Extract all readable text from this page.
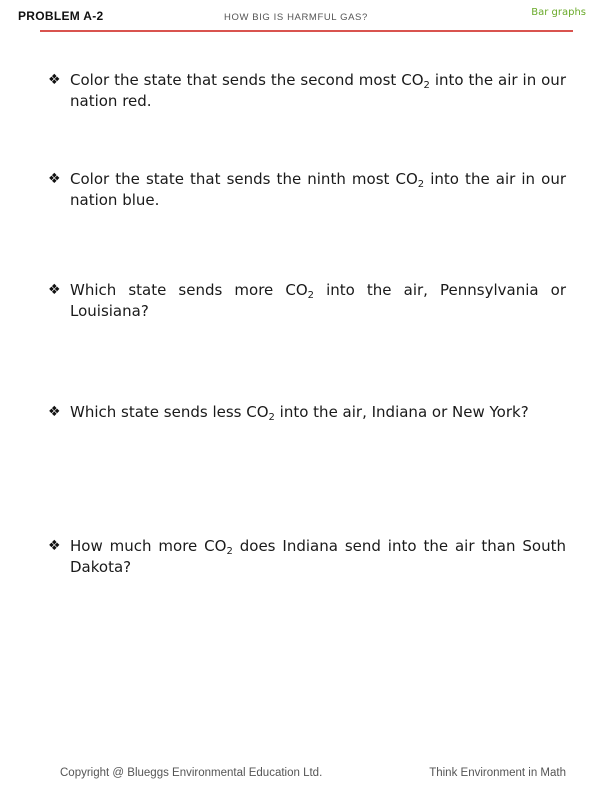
PROBLEM A-2	HOW BIG IS HARMFUL GAS?	Bar graphs
❖ Color the state that sends the second most $CO_2$ into the air in our nation red.
❖ Color the state that sends the ninth most $CO_2$ into the air in our nation blue.
❖ Which state sends more $CO_2$ into the air, Pennsylvania or Louisiana?
❖ Which state sends less $CO_2$ into the air, Indiana or New York?
❖ How much more $CO_2$ does Indiana send into the air than South Dakota?
Copyright @ Blueggs Environmental Education Ltd.	Think Environment in Math
